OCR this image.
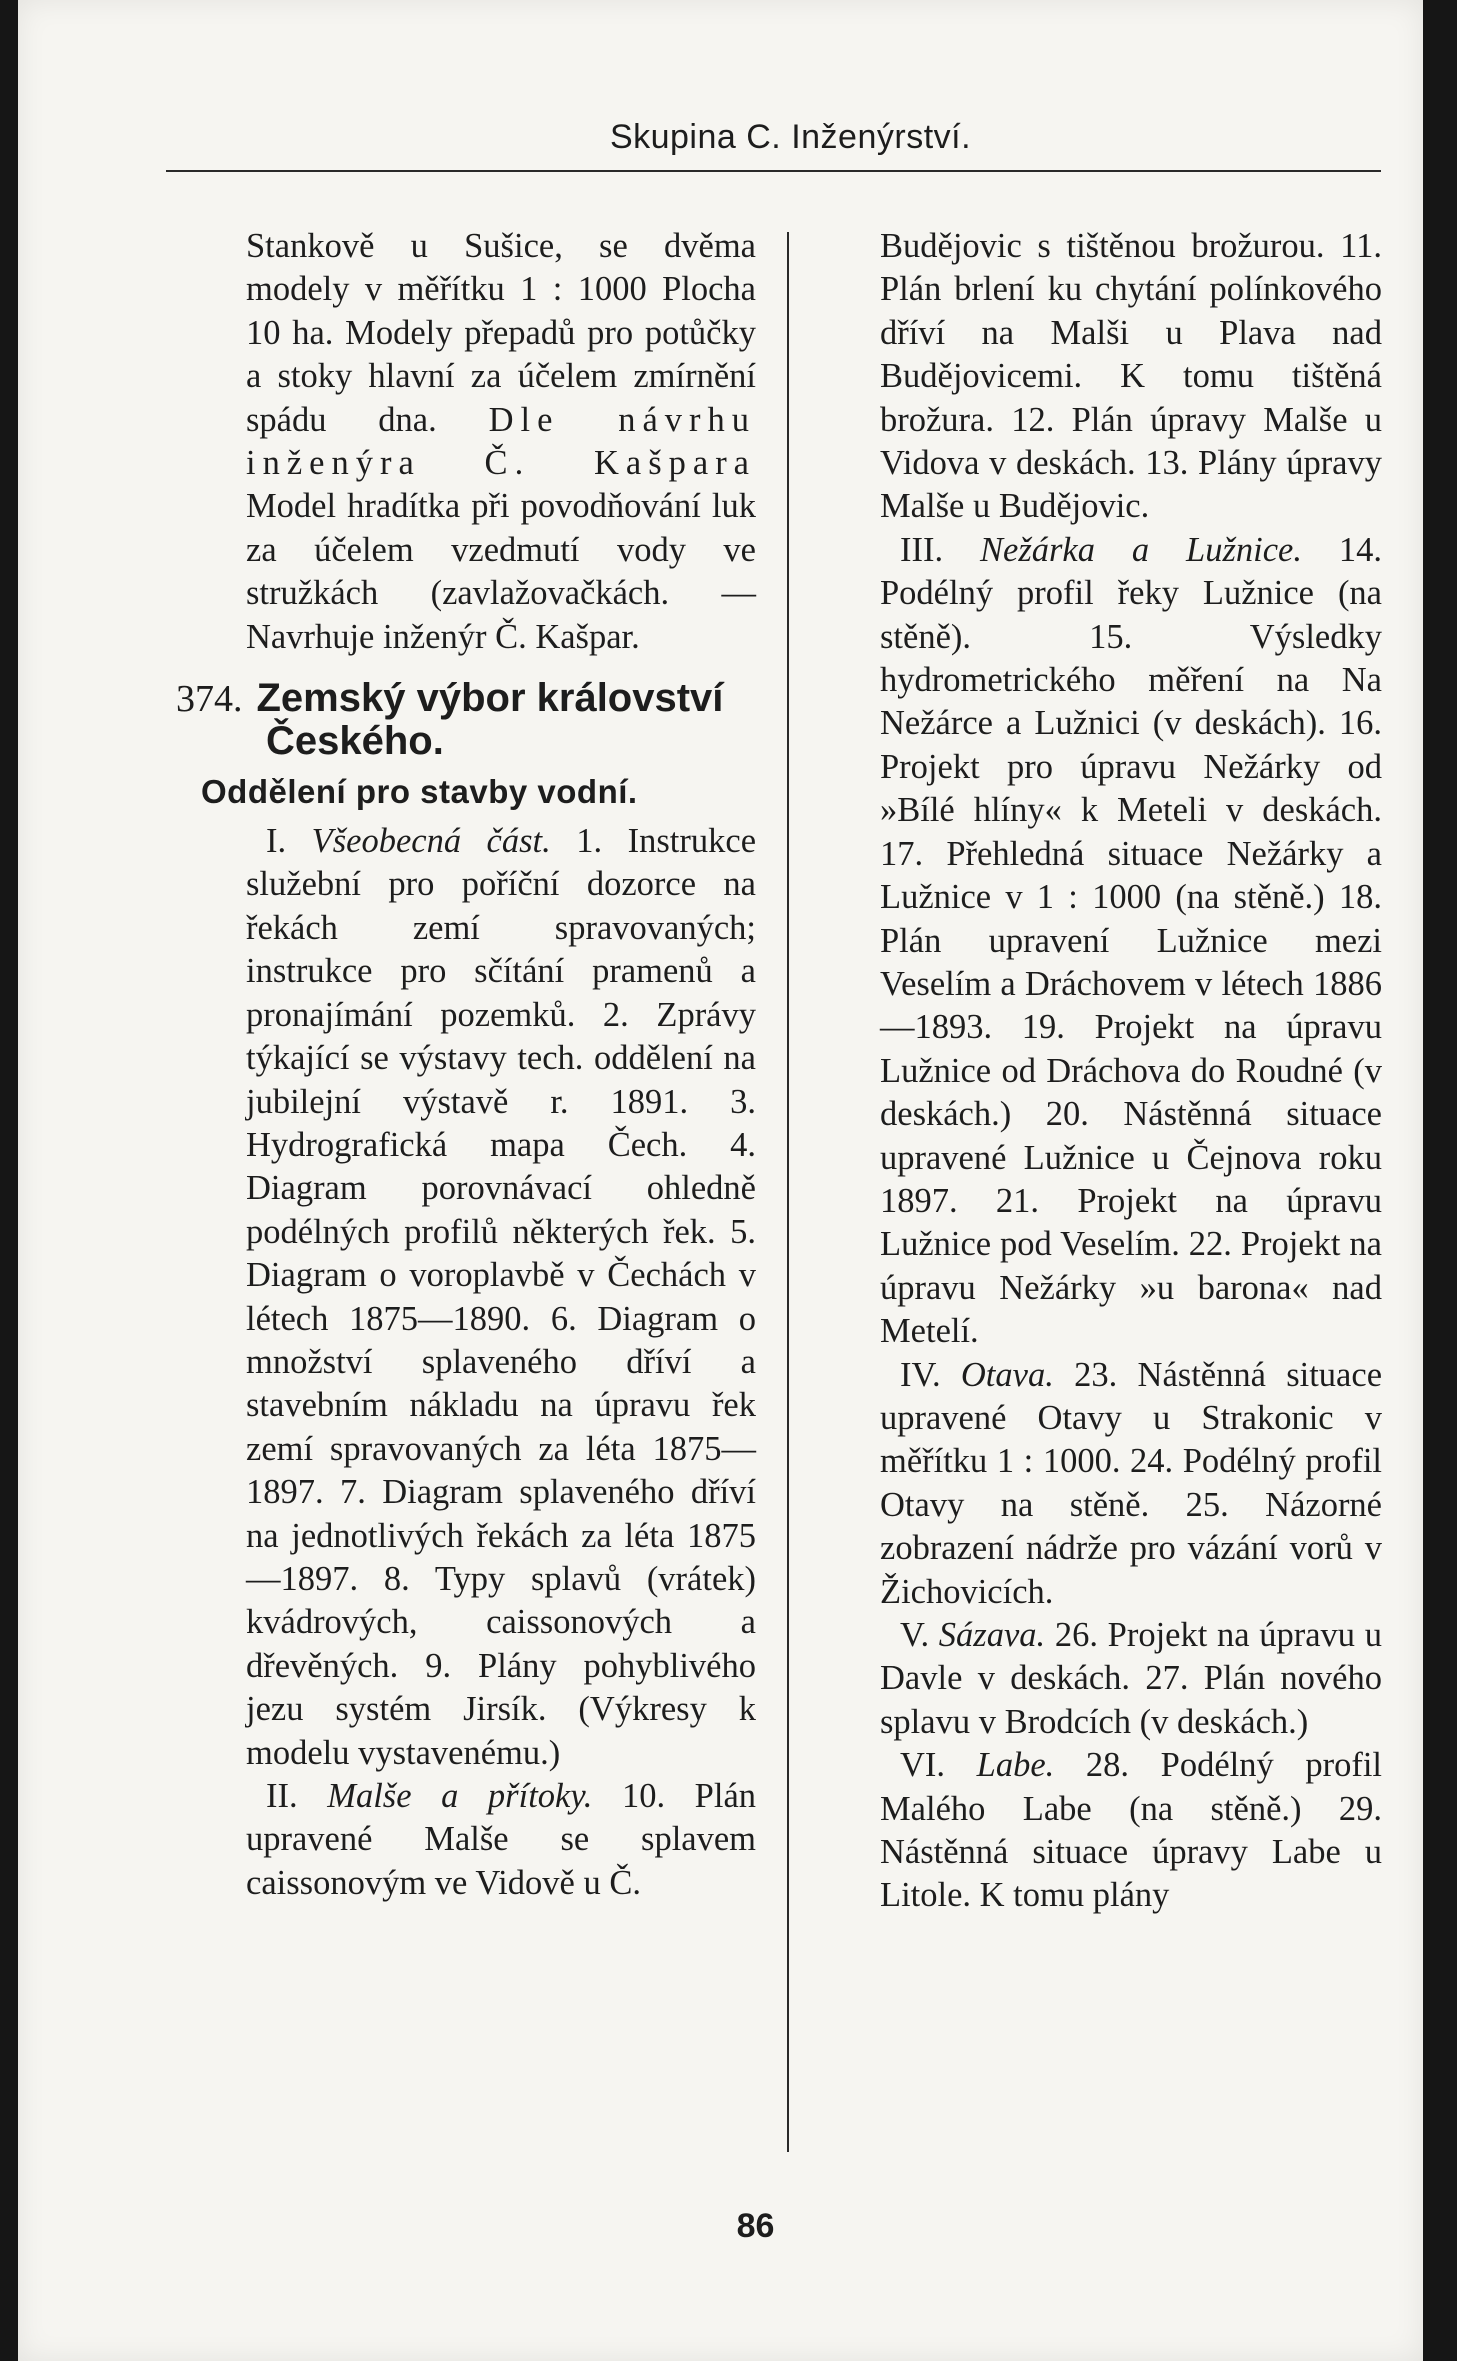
Skupina C. Inženýrství.

Stankově u Sušice, se dvěma modely v měřítku 1 : 1000 Plocha 10 ha. Modely přepadů pro potůčky a stoky hlavní za účelem zmírnění spádu dna. Dle návrhu inženýra Č. Kašpara Model hradítka při povodňování luk za účelem vzedmutí vody ve stružkách (zavlažovačkách. — Navrhuje inženýr Č. Kašpar.

374. Zemský výbor království
Českého.

Oddělení pro stavby vodní.

I. Všeobecná část. 1. Instrukce služební pro poříční dozorce na řekách zemí spravovaných; instrukce pro sčítání pramenů a pronajímání pozemků. 2. Zprávy týkající se výstavy tech. oddělení na jubilejní výstavě r. 1891. 3. Hydrografická mapa Čech. 4. Diagram porovnávací ohledně podélných profilů některých řek. 5. Diagram o voroplavbě v Čechách v létech 1875—1890. 6. Diagram o množství splaveného dříví a stavebním nákladu na úpravu řek zemí spravovaných za léta 1875—1897. 7. Diagram splaveného dříví na jednotlivých řekách za léta 1875—1897. 8. Typy splavů (vrátek) kvádrových, caissonových a dřevěných. 9. Plány pohyblivého jezu systém Jirsík. (Výkresy k modelu vystavenému.)

II. Malše a přítoky. 10. Plán upravené Malše se splavem caissonovým ve Vidově u Č.

Budějovic s tištěnou brožurou. 11. Plán brlení ku chytání polínkového dříví na Malši u Plava nad Budějovicemi. K tomu tištěná brožura. 12. Plán úpravy Malše u Vidova v deskách. 13. Plány úpravy Malše u Budějovic.

III. Nežárka a Lužnice. 14. Podélný profil řeky Lužnice (na stěně). 15. Výsledky hydrometrického měření na Na Nežárce a Lužnici (v deskách). 16. Projekt pro úpravu Nežárky od »Bílé hlíny« k Meteli v deskách. 17. Přehledná situace Nežárky a Lužnice v 1 : 1000 (na stěně.) 18. Plán upravení Lužnice mezi Veselím a Dráchovem v létech 1886—1893. 19. Projekt na úpravu Lužnice od Dráchova do Roudné (v deskách.) 20. Nástěnná situace upravené Lužnice u Čejnova roku 1897. 21. Projekt na úpravu Lužnice pod Veselím. 22. Projekt na úpravu Nežárky »u barona« nad Metelí.

IV. Otava. 23. Nástěnná situace upravené Otavy u Strakonic v měřítku 1 : 1000. 24. Podélný profil Otavy na stěně. 25. Názorné zobrazení nádrže pro vázání vorů v Žichovicích.

V. Sázava. 26. Projekt na úpravu u Davle v deskách. 27. Plán nového splavu v Brodcích (v deskách.)

VI. Labe. 28. Podélný profil Malého Labe (na stěně.) 29. Nástěnná situace úpravy Labe u Litole. K tomu plány

86
